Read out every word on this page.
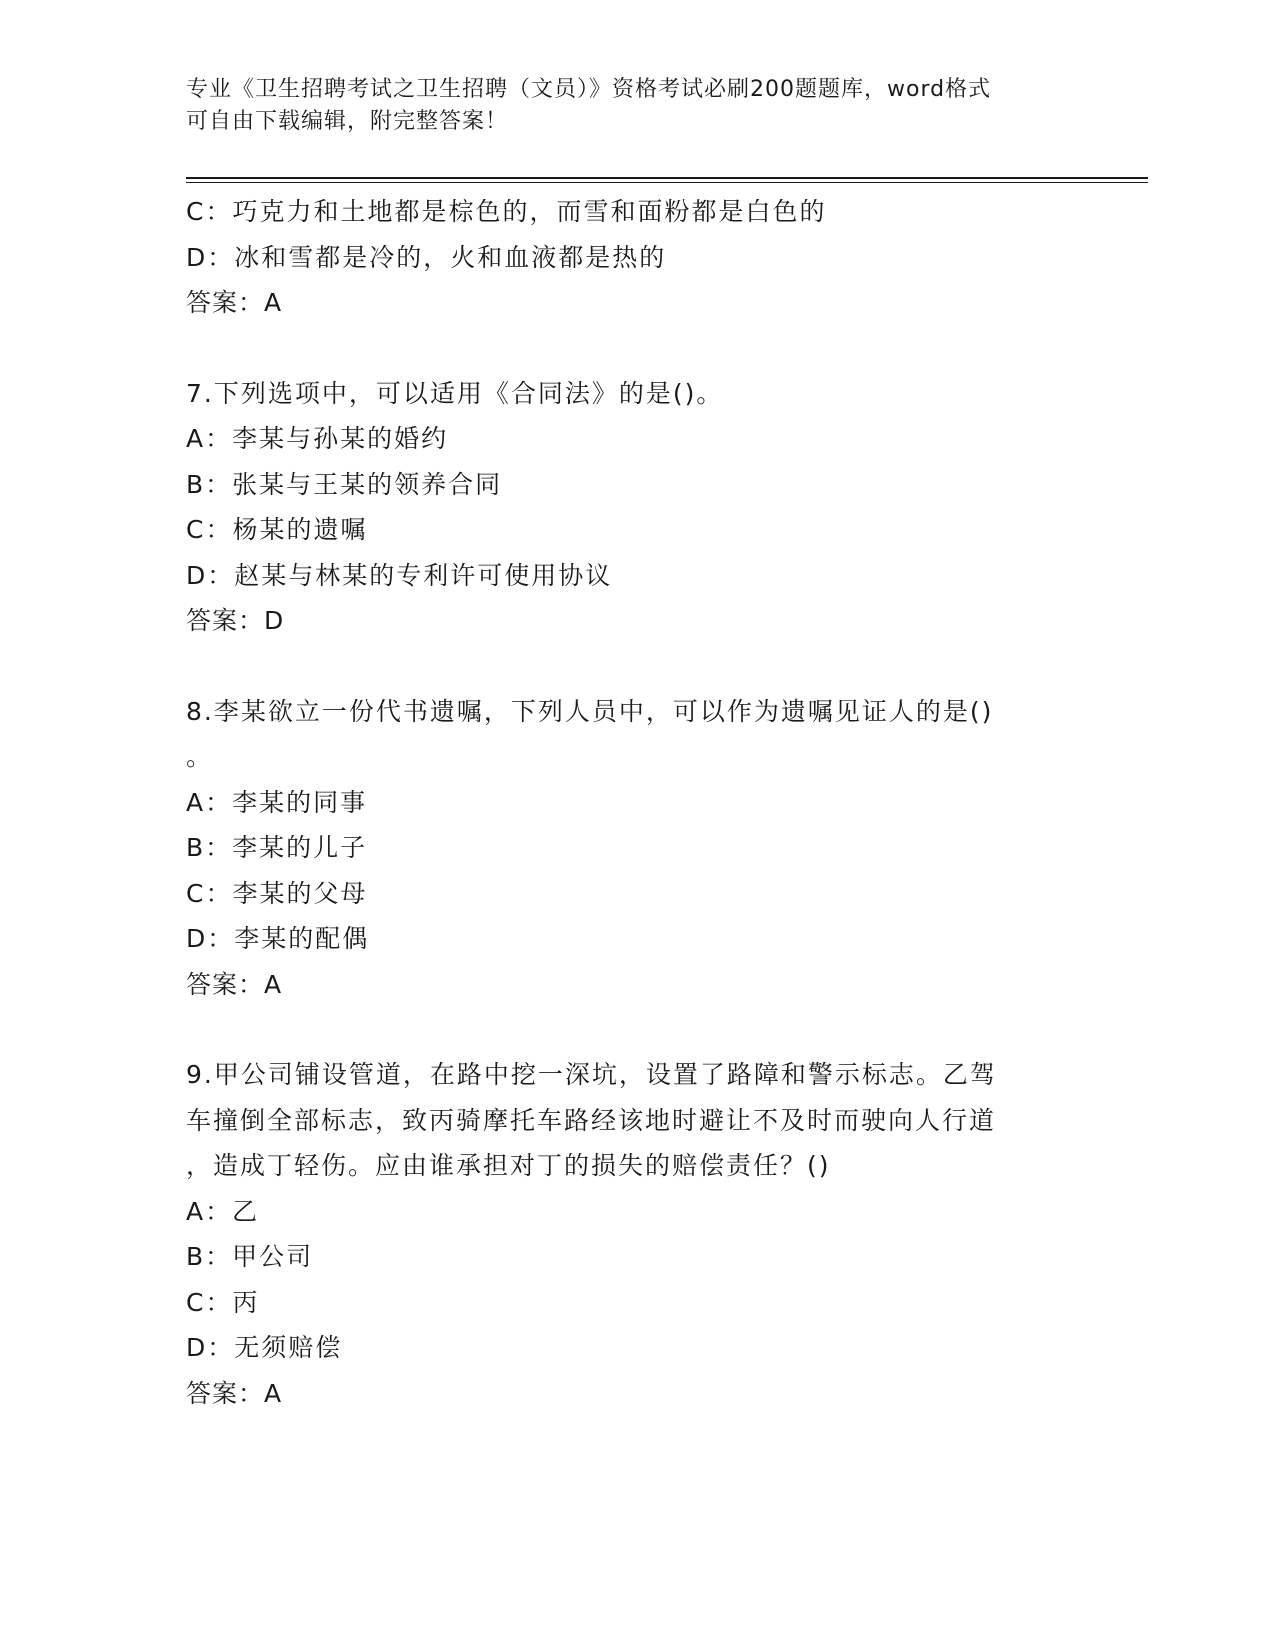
专业《卫生招聘考试之卫生招聘（文员）》资格考试必刷200题题库，word格式
可自由下载编辑，附完整答案！
C：巧克力和土地都是棕色的，而雪和面粉都是白色的
D：冰和雪都是冷的，火和血液都是热的
答案：A
7.下列选项中，可以适用《合同法》的是()。
A：李某与孙某的婚约
B：张某与王某的领养合同
C：杨某的遗嘱
D：赵某与林某的专利许可使用协议
答案：D
8.李某欲立一份代书遗嘱，下列人员中，可以作为遗嘱见证人的是()
。
A：李某的同事
B：李某的儿子
C：李某的父母
D：李某的配偶
答案：A
9.甲公司铺设管道，在路中挖一深坑，设置了路障和警示标志。乙驾
车撞倒全部标志，致丙骑摩托车路经该地时避让不及时而驶向人行道
，造成丁轻伤。应由谁承担对丁的损失的赔偿责任？()
A：乙
B：甲公司
C：丙
D：无须赔偿
答案：A
